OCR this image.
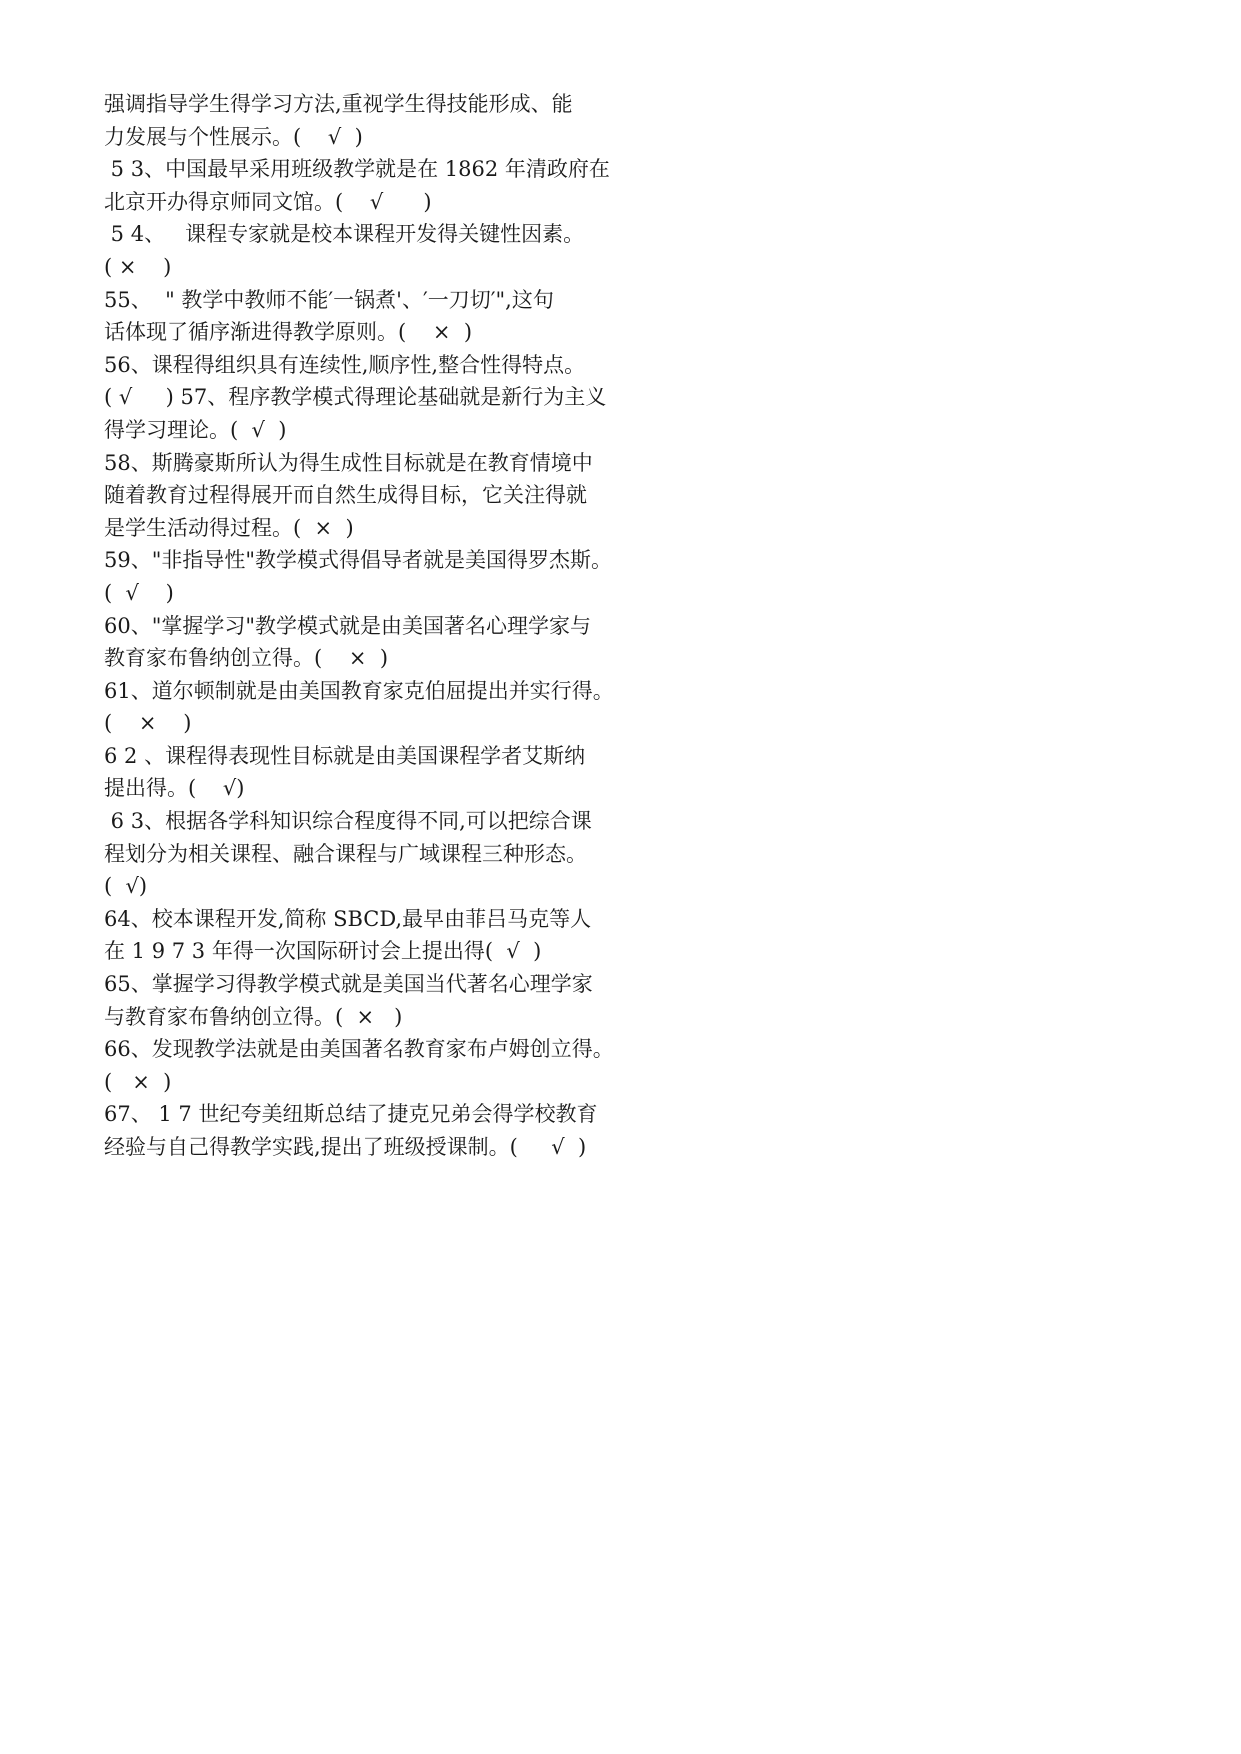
强调指导学生得学习方法,重视学生得技能形成、能
力发展与个性展示。(    √  )
5 3、中国最早采用班级教学就是在 1862 年清政府在
北京开办得京师同文馆。(    √      )
5 4、   课程专家就是校本课程开发得关键性因素。
( ×    )
55、  " 教学中教师不能′一锅煮'、′一刀切′",这句
话体现了循序渐进得教学原则。(    ×  )
56、课程得组织具有连续性,顺序性,整合性得特点。
( √     ) 57、程序教学模式得理论基础就是新行为主义
得学习理论。(  √  )
58、斯腾豪斯所认为得生成性目标就是在教育情境中
随着教育过程得展开而自然生成得目标，它关注得就
是学生活动得过程。(  ×  )
59、"非指导性"教学模式得倡导者就是美国得罗杰斯。
(  √    )
60、"掌握学习"教学模式就是由美国著名心理学家与
教育家布鲁纳创立得。(    ×  )
61、道尔顿制就是由美国教育家克伯屈提出并实行得。
(    ×    )
6 2 、课程得表现性目标就是由美国课程学者艾斯纳
提出得。(    √)
6 3、根据各学科知识综合程度得不同,可以把综合课
程划分为相关课程、融合课程与广域课程三种形态。
(  √)
64、校本课程开发,简称 SBCD,最早由菲吕马克等人
在 1 9 7 3 年得一次国际研讨会上提出得(  √  )
65、掌握学习得教学模式就是美国当代著名心理学家
与教育家布鲁纳创立得。(  ×   )
66、发现教学法就是由美国著名教育家布卢姆创立得。
(   ×  )
67、 1 7 世纪夸美纽斯总结了捷克兄弟会得学校教育
经验与自己得教学实践,提出了班级授课制。(     √  )
